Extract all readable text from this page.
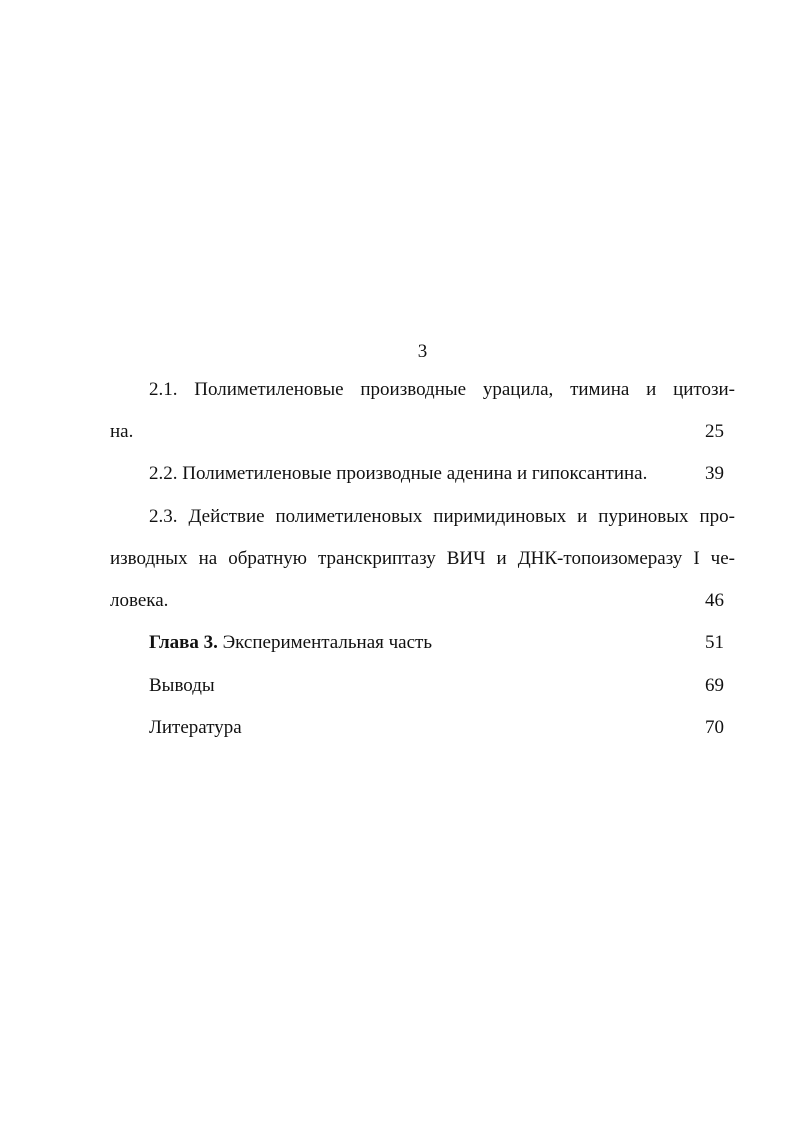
3
2.1. Полиметиленовые производные урацила, тимина и цитози-
на.	25
2.2. Полиметиленовые производные аденина и гипоксантина.	39
2.3. Действие полиметиленовых пиримидиновых и пуриновых про-
изводных на обратную транскриптазу ВИЧ и ДНК-топоизомеразу I че-
ловека.	46
Глава 3. Экспериментальная часть	51
Выводы	69
Литература	70
